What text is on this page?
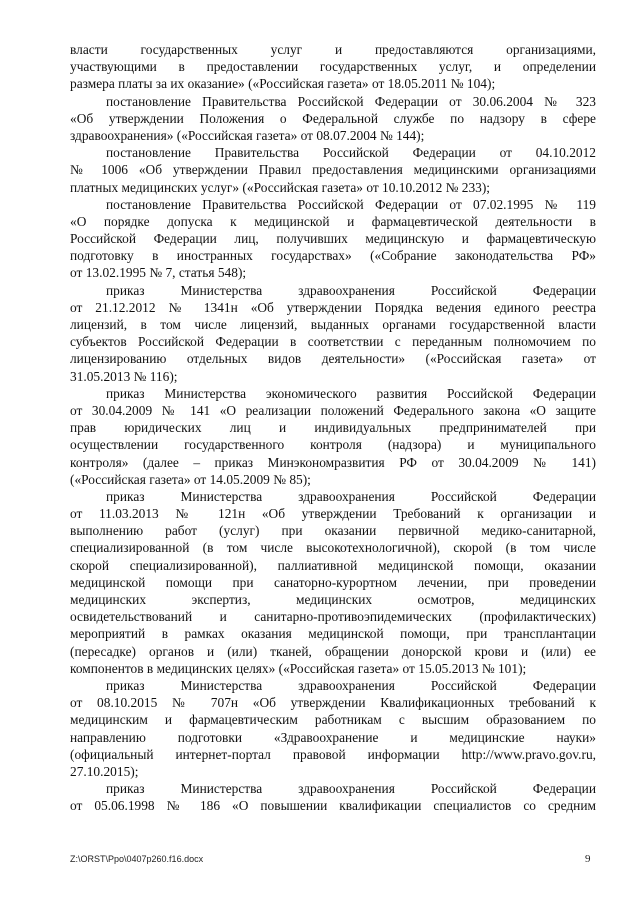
власти государственных услуг и предоставляются организациями,
участвующими в предоставлении государственных услуг, и определении
размера платы за их оказание» («Российская газета» от 18.05.2011 № 104);
постановление Правительства Российской Федерации от 30.06.2004 № 323
«Об утверждении Положения о Федеральной службе по надзору в сфере
здравоохранения» («Российская газета» от 08.07.2004 № 144);
постановление Правительства Российской Федерации от 04.10.2012
№ 1006 «Об утверждении Правил предоставления медицинскими организациями
платных медицинских услуг» («Российская газета» от 10.10.2012 № 233);
постановление Правительства Российской Федерации от 07.02.1995 № 119
«О порядке допуска к медицинской и фармацевтической деятельности в
Российской Федерации лиц, получивших медицинскую и фармацевтическую
подготовку в иностранных государствах» («Собрание законодательства РФ»
от 13.02.1995 № 7, статья 548);
приказ Министерства здравоохранения Российской Федерации
от 21.12.2012 № 1341н «Об утверждении Порядка ведения единого реестра
лицензий, в том числе лицензий, выданных органами государственной власти
субъектов Российской Федерации в соответствии с переданным полномочием по
лицензированию отдельных видов деятельности» («Российская газета» от
31.05.2013 № 116);
приказ Министерства экономического развития Российской Федерации
от 30.04.2009 № 141 «О реализации положений Федерального закона «О защите
прав юридических лиц и индивидуальных предпринимателей при
осуществлении государственного контроля (надзора) и муниципального
контроля» (далее – приказ Минэкономразвития РФ от 30.04.2009 № 141)
(«Российская газета» от 14.05.2009 № 85);
приказ Министерства здравоохранения Российской Федерации
от 11.03.2013 № 121н «Об утверждении Требований к организации и
выполнению работ (услуг) при оказании первичной медико-санитарной,
специализированной (в том числе высокотехнологичной), скорой (в том числе
скорой специализированной), паллиативной медицинской помощи, оказании
медицинской помощи при санаторно-курортном лечении, при проведении
медицинских экспертиз, медицинских осмотров, медицинских
освидетельствований и санитарно-противоэпидемических (профилактических)
мероприятий в рамках оказания медицинской помощи, при трансплантации
(пересадке) органов и (или) тканей, обращении донорской крови и (или) ее
компонентов в медицинских целях» («Российская газета» от 15.05.2013 № 101);
приказ Министерства здравоохранения Российской Федерации
от 08.10.2015 № 707н «Об утверждении Квалификационных требований к
медицинским и фармацевтическим работникам с высшим образованием по
направлению подготовки «Здравоохранение и медицинские науки»
(официальный интернет-портал правовой информации http://www.pravo.gov.ru,
27.10.2015);
приказ Министерства здравоохранения Российской Федерации
от 05.06.1998 № 186 «О повышении квалификации специалистов со средним
Z:\ORST\Ppo\0407p260.f16.docx	9
